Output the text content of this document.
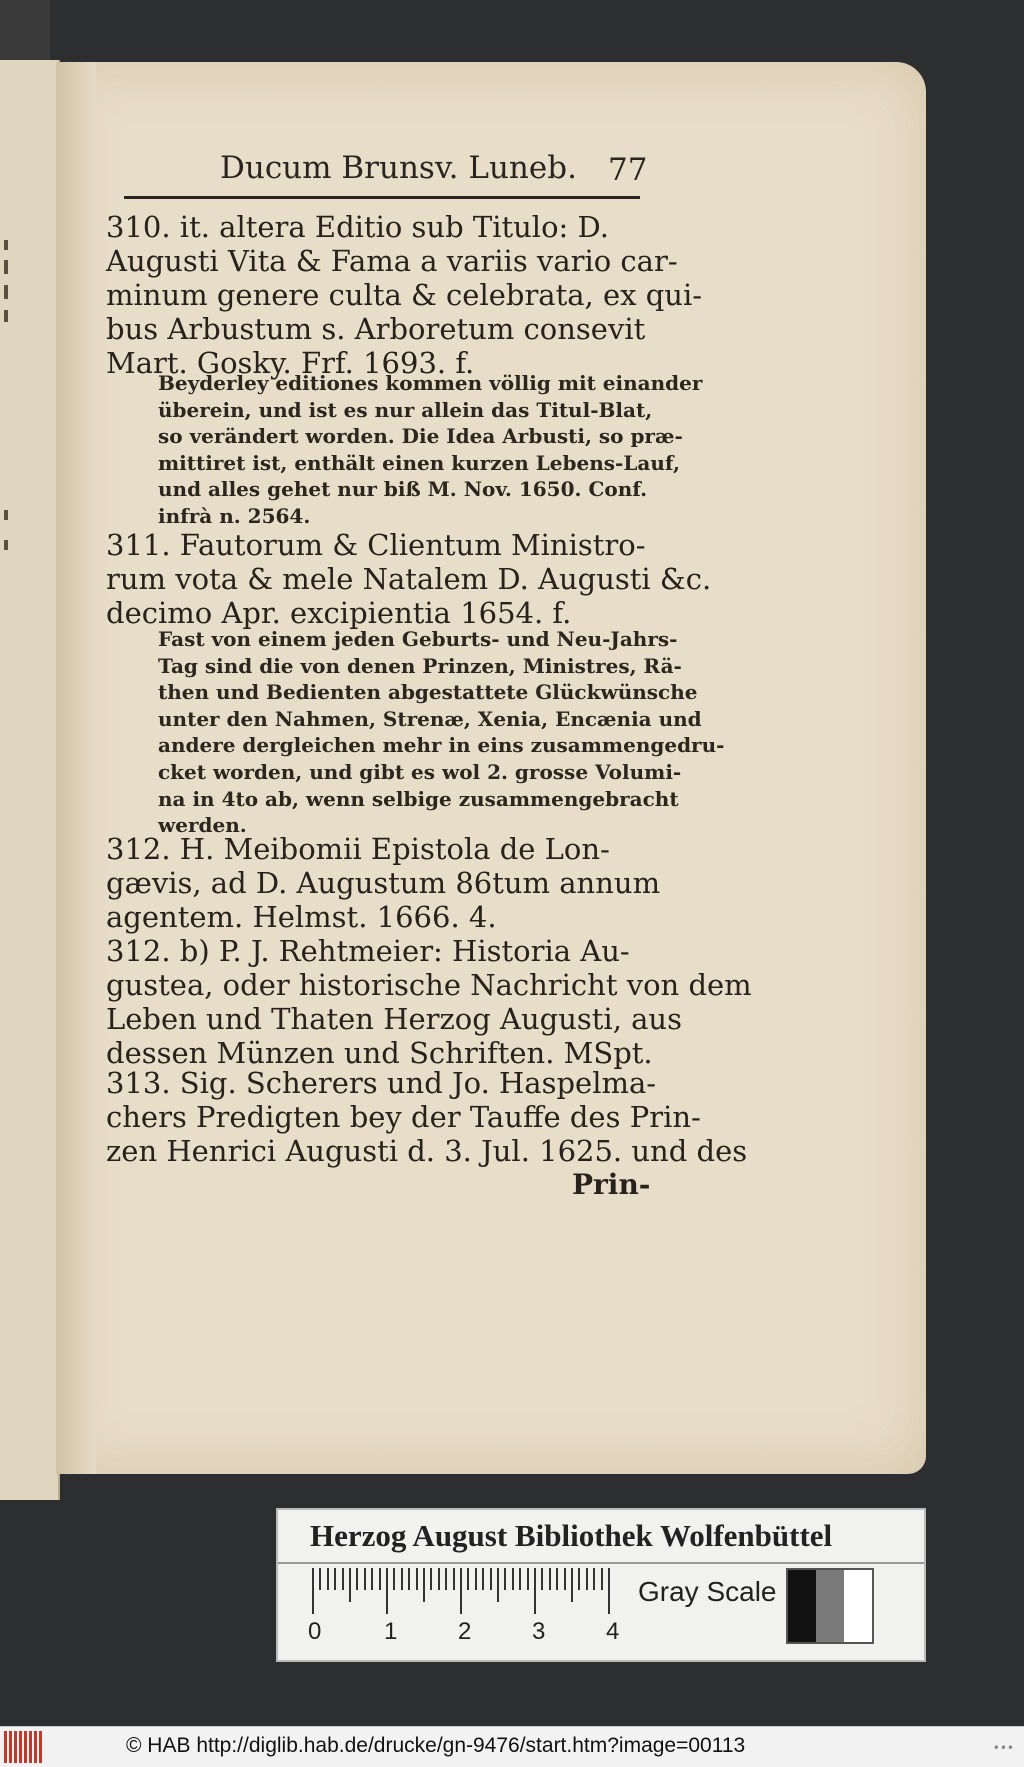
Ducum Brunsv. Luneb. 77

310. it. altera Editio sub Titulo: D.
Augusti Vita & Fama a variis vario car-
minum genere culta & celebrata, ex qui-
bus Arbustum s. Arboretum consevit
Mart. Gosky. Frf. 1693. f.

Beyderley editiones kommen völlig mit einander
überein, und ist es nur allein das Titul-Blat,
so verändert worden. Die Idea Arbusti, so præ-
mittiret ist, enthält einen kurzen Lebens-Lauf,
und alles gehet nur biß M. Nov. 1650. Conf.
infrà n. 2564.

311. Fautorum & Clientum Ministro-
rum vota & mele Natalem D. Augusti &c.
decimo Apr. excipientia 1654. f.

Fast von einem jeden Geburts- und Neu-Jahrs-
Tag sind die von denen Prinzen, Ministres, Rä-
then und Bedienten abgestattete Glückwünsche
unter den Nahmen, Strenæ, Xenia, Encænia und
andere dergleichen mehr in eins zusammengedru-
cket worden, und gibt es wol 2. grosse Volumi-
na in 4to ab, wenn selbige zusammengebracht
werden.

312. H. Meibomii Epistola de Lon-
gævis, ad D. Augustum 86tum annum
agentem. Helmst. 1666. 4.

312. b) P. J. Rehtmeier: Historia Au-
gustea, oder historische Nachricht von dem
Leben und Thaten Herzog Augusti, aus
dessen Münzen und Schriften. MSpt.

313. Sig. Scherers und Jo. Haspelma-
chers Predigten bey der Tauffe des Prin-
zen Henrici Augusti d. 3. Jul. 1625. und des

Prin-
Herzog August Bibliothek Wolfenbüttel
0	1	2	3	4
Gray Scale
© HAB http://diglib.hab.de/drucke/gn-9476/start.htm?image=00113	•••
